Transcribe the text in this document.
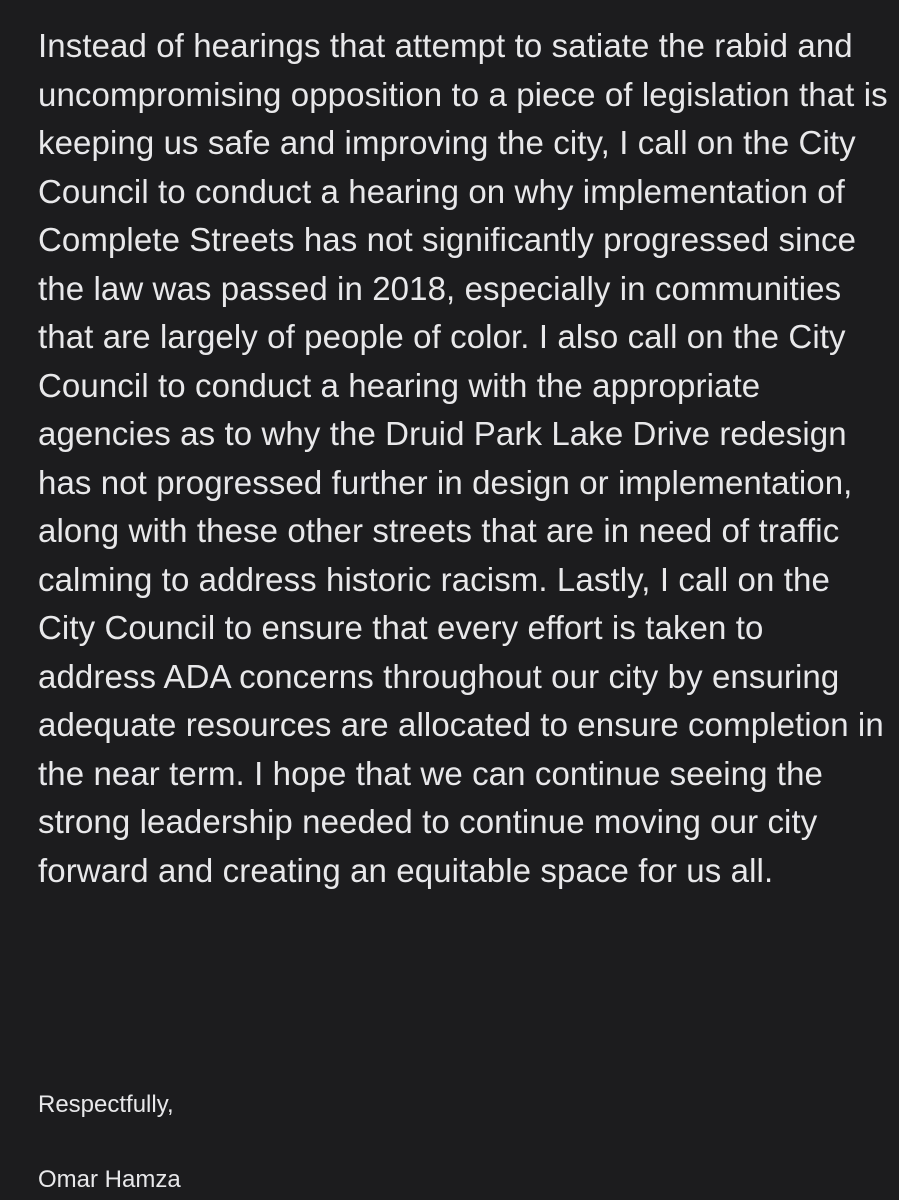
Instead of hearings that attempt to satiate the rabid and uncompromising opposition to a piece of legislation that is keeping us safe and improving the city, I call on the City Council to conduct a hearing on why implementation of Complete Streets has not significantly progressed since the law was passed in 2018, especially in communities that are largely of people of color. I also call on the City Council to conduct a hearing with the appropriate agencies as to why the Druid Park Lake Drive redesign has not progressed further in design or implementation, along with these other streets that are in need of traffic calming to address historic racism. Lastly, I call on the City Council to ensure that every effort is taken to address ADA concerns throughout our city by ensuring adequate resources are allocated to ensure completion in the near term. I hope that we can continue seeing the strong leadership needed to continue moving our city forward and creating an equitable space for us all.

Respectfully,

Omar Hamza
